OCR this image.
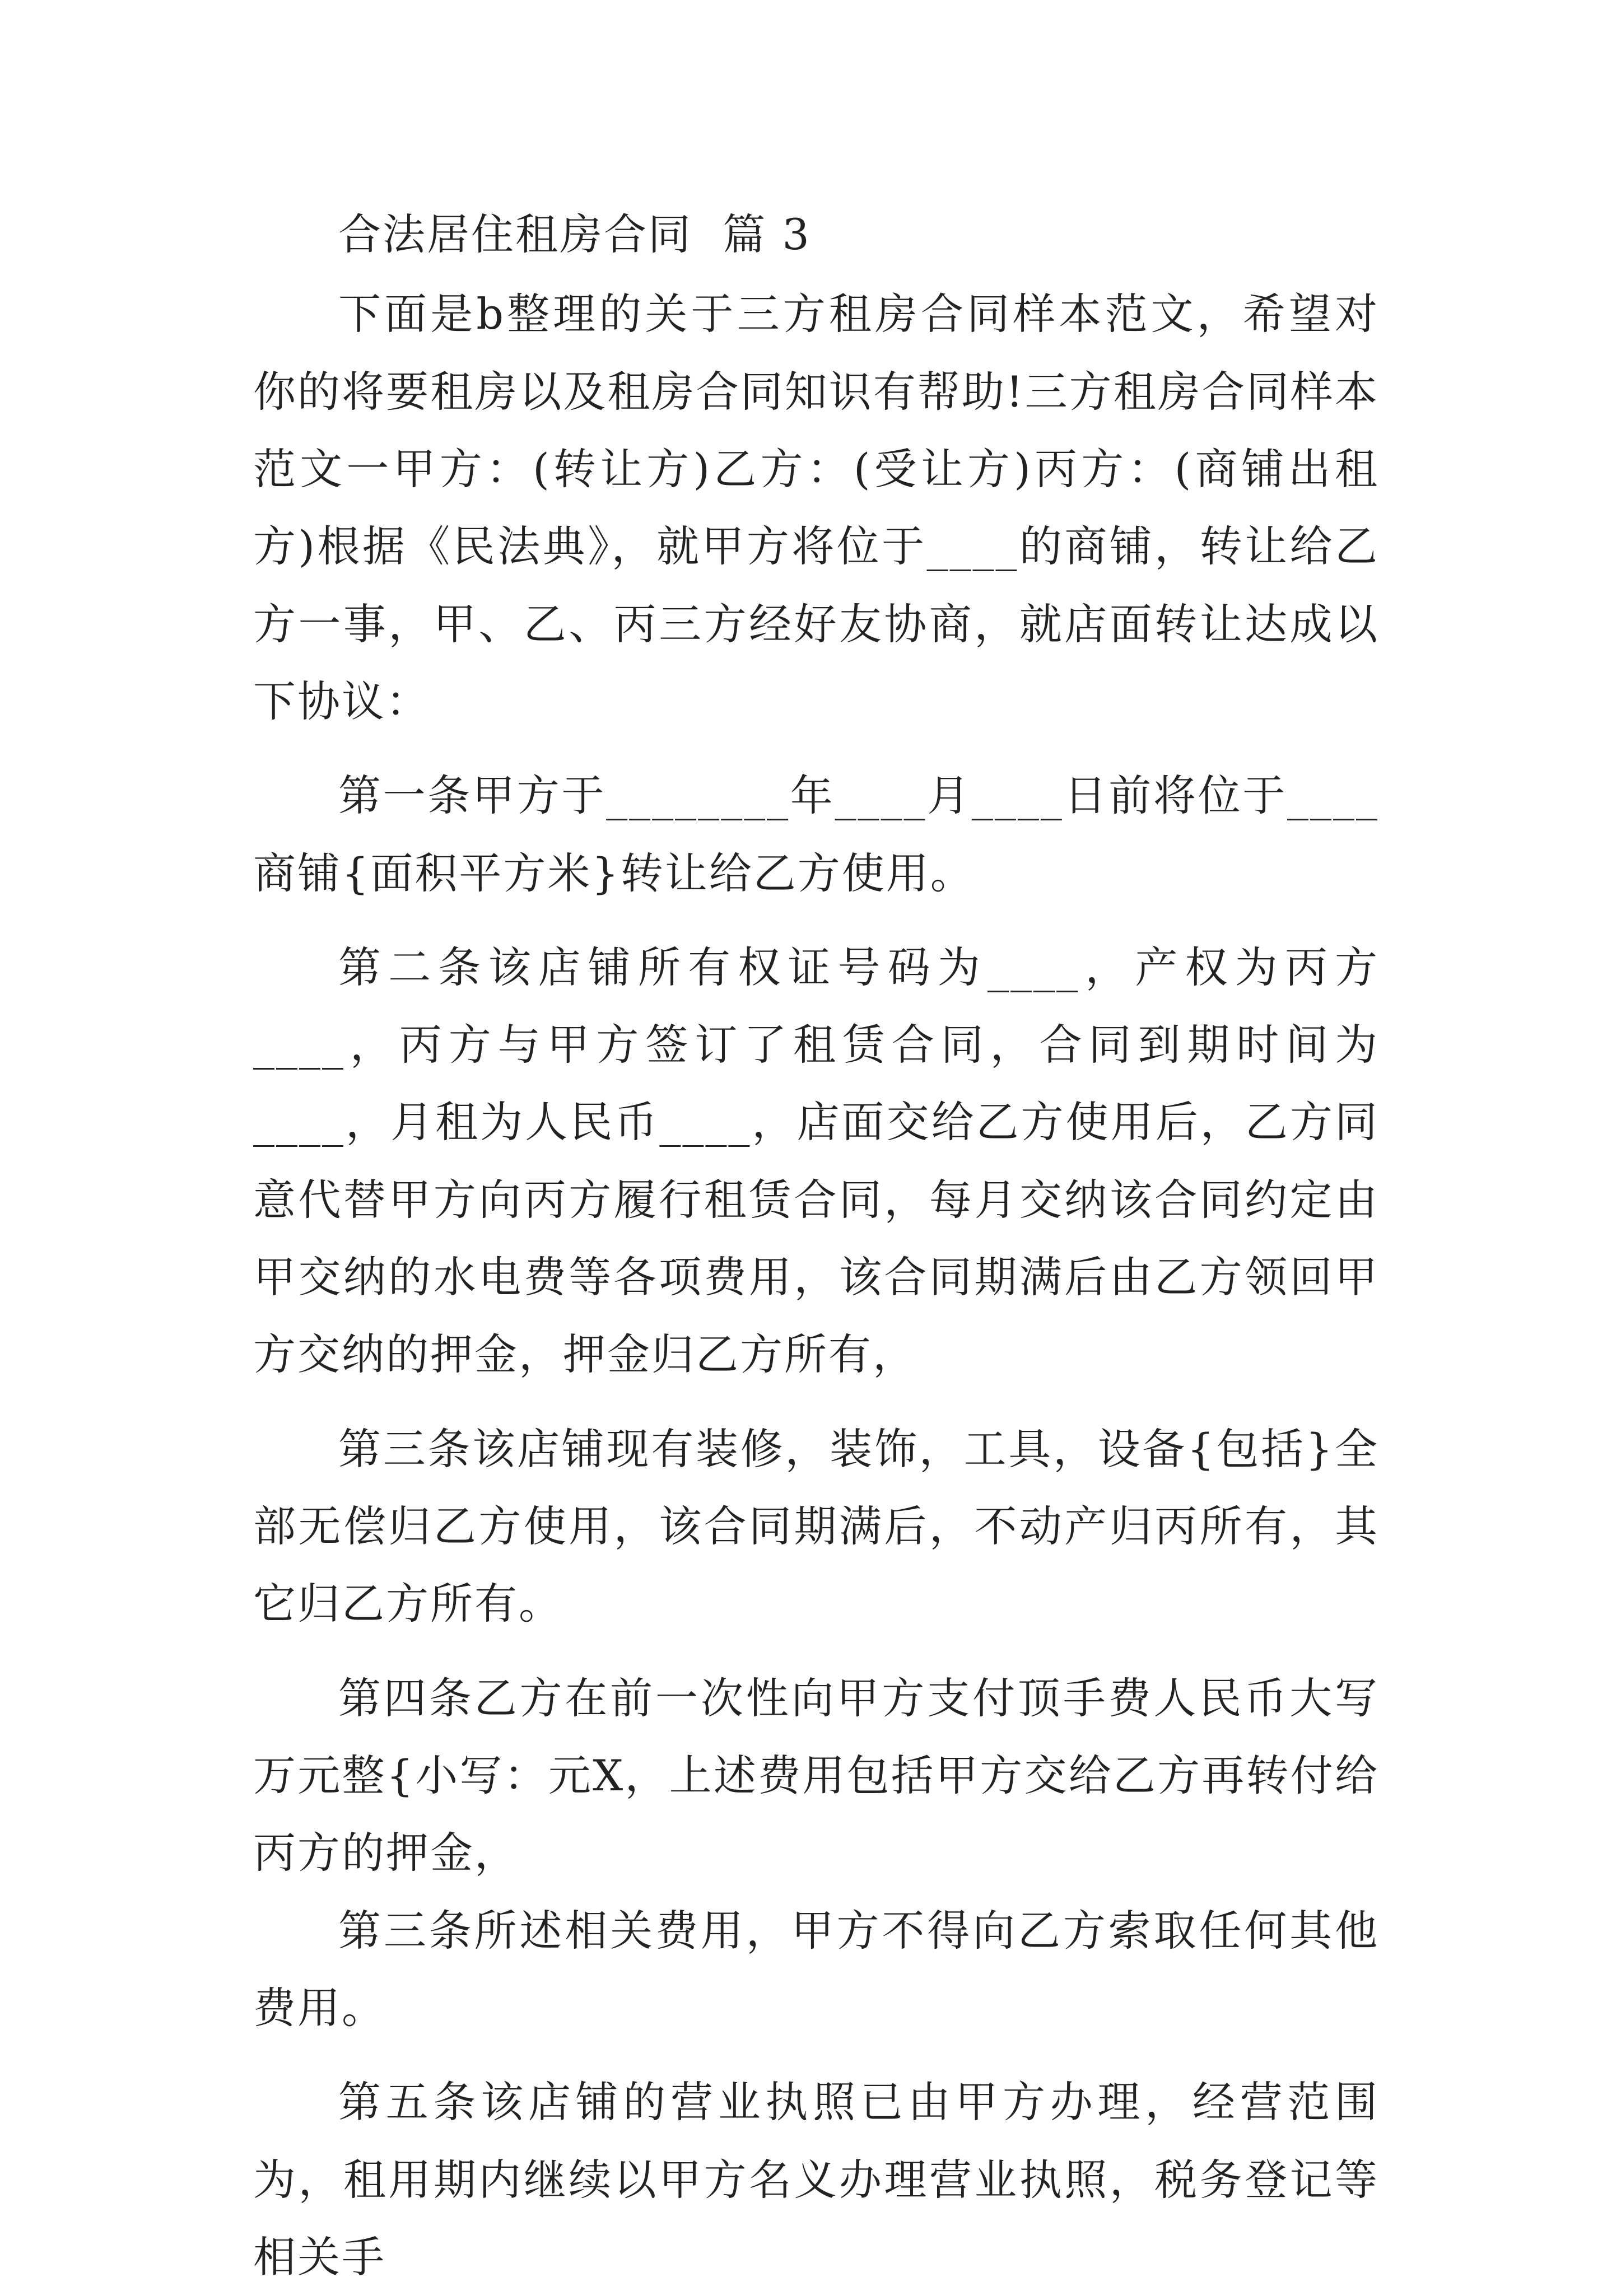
合法居住租房合同  篇 3

下面是b整理的关于三方租房合同样本范文，希望对你的将要租房以及租房合同知识有帮助!三方租房合同样本范文一甲方：(转让方)乙方：(受让方)丙方：(商铺出租方)根据《民法典》，就甲方将位于____的商铺，转让给乙方一事，甲、乙、丙三方经好友协商，就店面转让达成以下协议：

第一条甲方于________年____月____日前将位于____商铺{面积平方米}转让给乙方使用。

第二条该店铺所有权证号码为____，产权为丙方____，丙方与甲方签订了租赁合同，合同到期时间为____，月租为人民币____，店面交给乙方使用后，乙方同意代替甲方向丙方履行租赁合同，每月交纳该合同约定由甲交纳的水电费等各项费用，该合同期满后由乙方领回甲方交纳的押金，押金归乙方所有，

第三条该店铺现有装修，装饰，工具，设备{包括}全部无偿归乙方使用，该合同期满后，不动产归丙所有，其它归乙方所有。

第四条乙方在前一次性向甲方支付顶手费人民币大写万元整{小写：元X，上述费用包括甲方交给乙方再转付给丙方的押金，

第三条所述相关费用，甲方不得向乙方索取任何其他费用。

第五条该店铺的营业执照已由甲方办理，经营范围为，租用期内继续以甲方名义办理营业执照，税务登记等相关手
